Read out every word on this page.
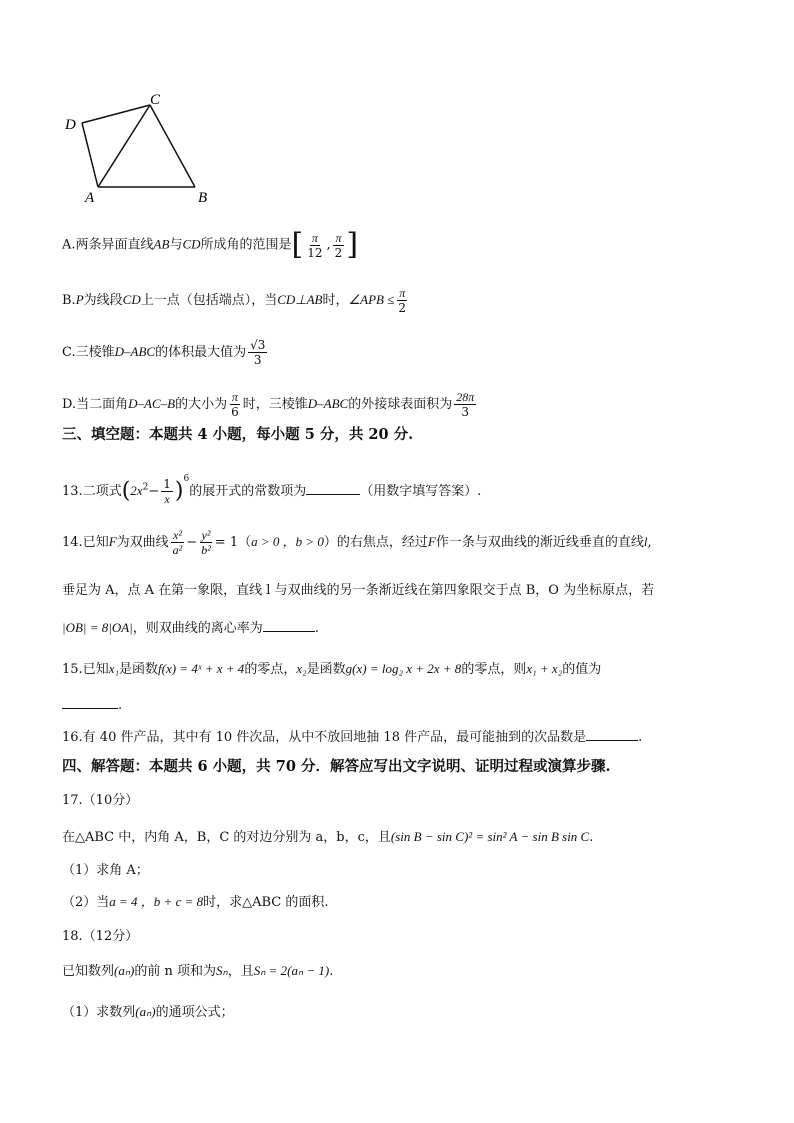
D
C
A	B
A.两条异面直线AB与CD所成角的范围是[ $\frac{\pi}{12}$ , $\frac{\pi}{2}$ ]
B.P为线段CD上一点（包括端点），当CD⊥AB时，∠APB ≤ $\frac{\pi}{2}$
C.三棱锥D–ABC的体积最大值为 $\frac{√3}{3}$
D.当二面角D–AC–B的大小为 $\frac{\pi}{6}$ 时，三棱锥D–ABC的外接球表面积为 $\frac{28\pi}{3}$
三、填空题：本题共 4 小题，每小题 5 分，共 20 分.
13.二项式$(2x^2- \frac{1}{x} )^6$的展开式的常数项为	（用数字填写答案）.
14.已知F为双曲线 $\frac{\text{x²}}{\text{a²}} - \frac{\text{y²}}{\text{b²}} = 1(a > 0$ ，b > 0）的右焦点，经过F作一条与双曲线的渐近线垂直的直线l,
垂足为 A，点 A 在第一象限，直线 l 与双曲线的另一条渐近线在第四象限交于点 B，O 为坐标原点，若
|OB| = 8|OA|，则双曲线的离心率为	.
15.已知x₁是函数f(x) = 4ˣ + x + 4的零点，x₂是函数g(x) = log₂ x + 2x + 8的零点，则x₁ + x₂的值为
.
16.有 40 件产品，其中有 10 件次品，从中不放回地抽 18 件产品，最可能抽到的次品数是	.
四、解答题：本题共 6 小题，共 70 分．解答应写出文字说明、证明过程或演算步骤.
17.（10分）
在△ABC 中，内角 A，B，C 的对边分别为 a，b，c，且(sin B − sin C)² = sin² A − sin B sin C.
（1）求角 A；
（2）当a = 4 ，b + c = 8时，求△ABC 的面积.
18.（12分）
已知数列(aₙ)的前 n 项和为Sₙ，且Sₙ = 2(aₙ − 1).
（1）求数列(aₙ)的通项公式；
